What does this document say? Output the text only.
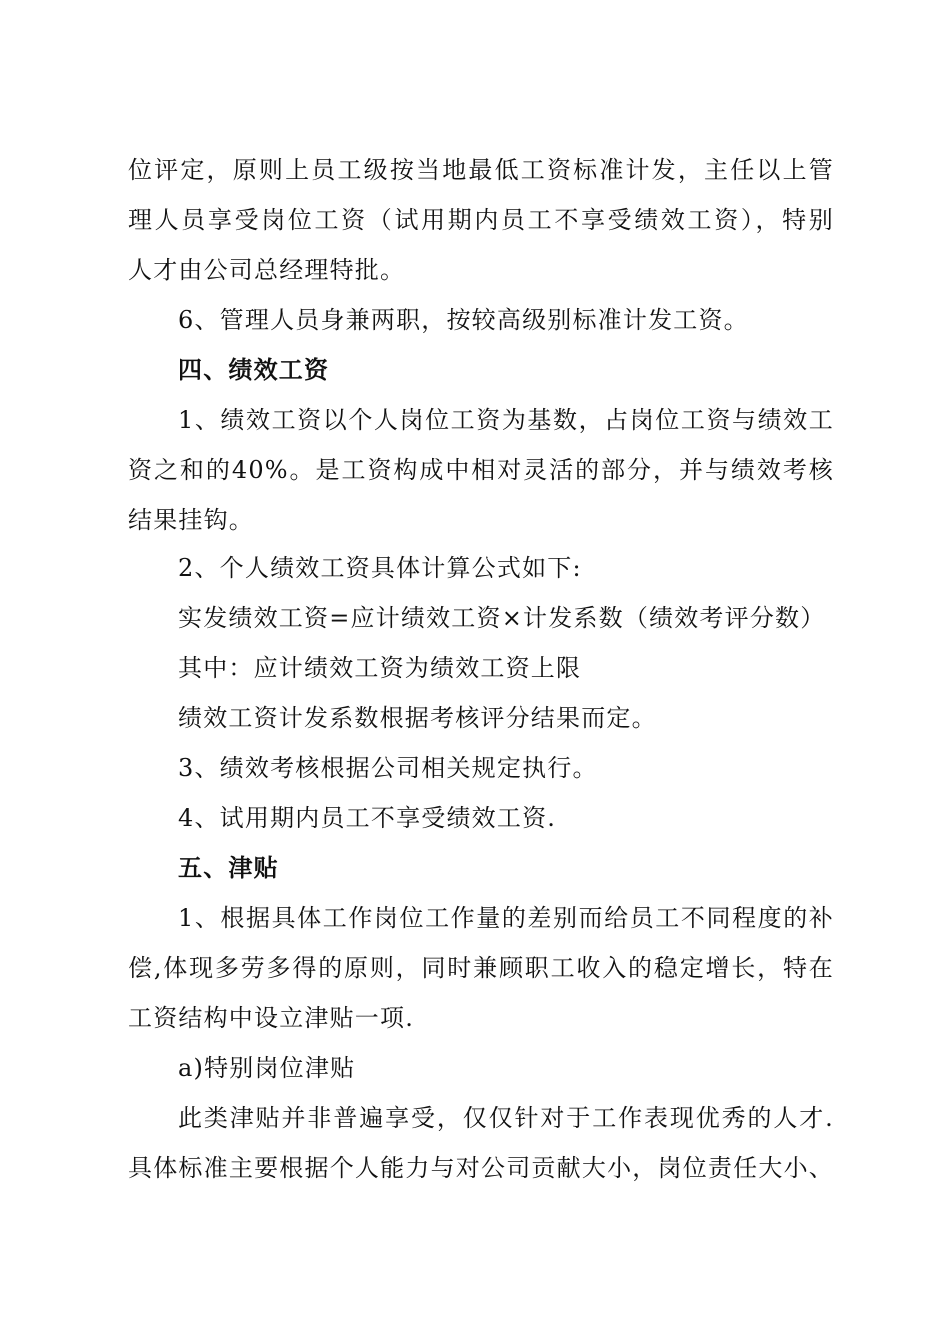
位评定，原则上员工级按当地最低工资标准计发，主任以上管
理人员享受岗位工资（试用期内员工不享受绩效工资），特别
人才由公司总经理特批。
6、管理人员身兼两职，按较高级别标准计发工资。
四、绩效工资
1、绩效工资以个人岗位工资为基数，占岗位工资与绩效工
资之和的40%。是工资构成中相对灵活的部分，并与绩效考核
结果挂钩。
2、个人绩效工资具体计算公式如下:
实发绩效工资=应计绩效工资×计发系数（绩效考评分数）
其中：应计绩效工资为绩效工资上限
绩效工资计发系数根据考核评分结果而定。
3、绩效考核根据公司相关规定执行。
4、试用期内员工不享受绩效工资.
五、津贴
1、根据具体工作岗位工作量的差别而给员工不同程度的补
偿,体现多劳多得的原则，同时兼顾职工收入的稳定增长，特在
工资结构中设立津贴一项.
a)特别岗位津贴
此类津贴并非普遍享受，仅仅针对于工作表现优秀的人才.
具体标准主要根据个人能力与对公司贡献大小，岗位责任大小、
